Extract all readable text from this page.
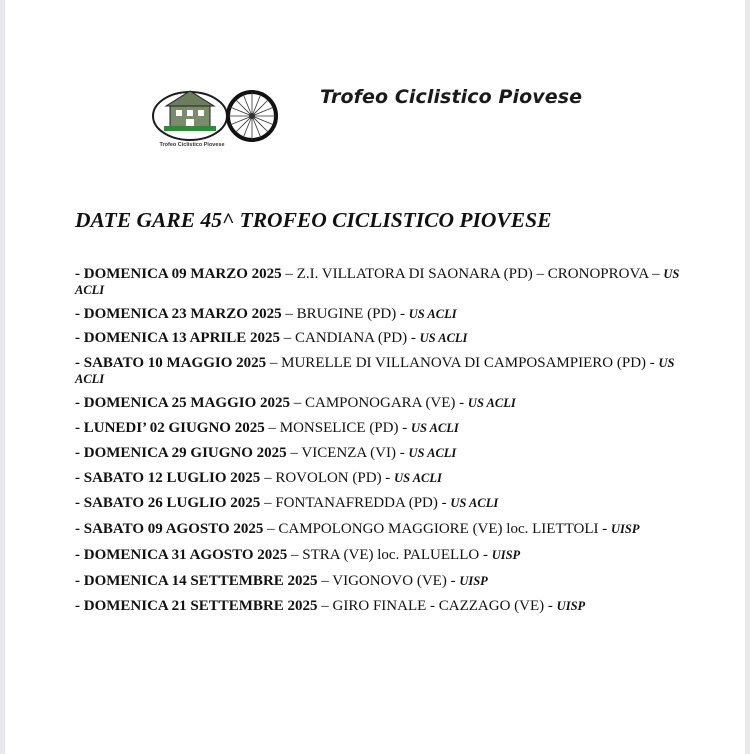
Trofeo Ciclistico Piovese
Trofeo Ciclistico Piovese
DATE GARE 45^ TROFEO CICLISTICO PIOVESE

- DOMENICA 09 MARZO 2025 – Z.I. VILLATORA DI SAONARA (PD) – CRONOPROVA – US ACLI

- DOMENICA 23 MARZO 2025 – BRUGINE (PD) - US ACLI

- DOMENICA 13 APRILE 2025 – CANDIANA (PD) - US ACLI

- SABATO 10 MAGGIO 2025 – MURELLE DI VILLANOVA DI CAMPOSAMPIERO (PD) - US ACLI

- DOMENICA 25 MAGGIO 2025 – CAMPONOGARA (VE) - US ACLI

- LUNEDI’ 02 GIUGNO 2025 – MONSELICE (PD) - US ACLI

- DOMENICA 29 GIUGNO 2025 – VICENZA (VI) - US ACLI

- SABATO 12 LUGLIO 2025 – ROVOLON (PD) - US ACLI

- SABATO 26 LUGLIO 2025 – FONTANAFREDDA (PD) - US ACLI

- SABATO 09 AGOSTO 2025 – CAMPOLONGO MAGGIORE (VE) loc. LIETTOLI - UISP

- DOMENICA 31 AGOSTO 2025 – STRA (VE) loc. PALUELLO - UISP

- DOMENICA 14 SETTEMBRE 2025 – VIGONOVO (VE) - UISP

- DOMENICA 21 SETTEMBRE 2025 – GIRO FINALE - CAZZAGO (VE) - UISP
